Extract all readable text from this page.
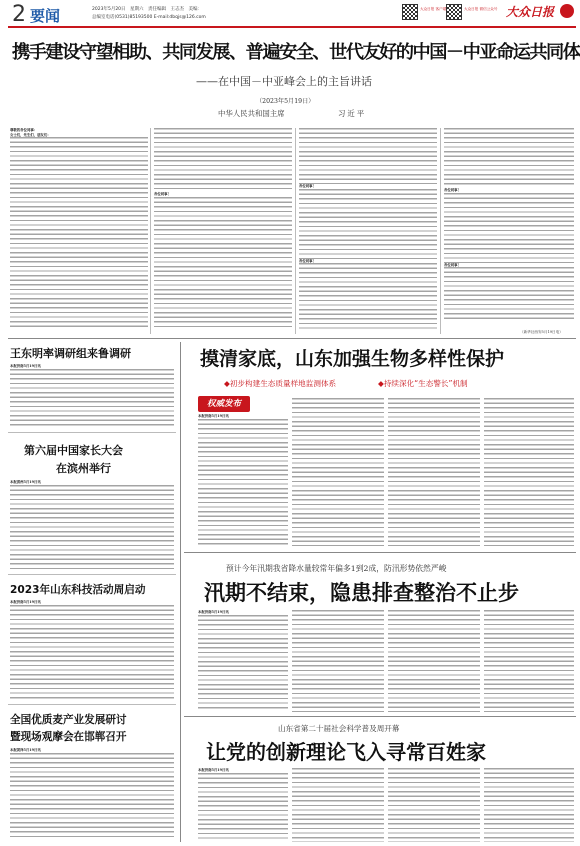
2 要闻	2023年5月20日　星期六　责任编辑　王志杰　美编：
总编室电话(0531)85193500 E-mail:dbqjs@126.com
大众日报 客户端	大众日报 微信公众号 大众日报
携手建设守望相助、共同发展、普遍安全、世代友好的中国－中亚命运共同体
——在中国－中亚峰会上的主旨讲话
（2023年5月19日）
中华人民共和国主席	习近平
尊敬的各位同事：
女士们，先生们，朋友们：
各位同事！
各位同事！
各位同事！
各位同事！
各位同事！
（新华社西安5月19日电）
王东明率调研组来鲁调研
本报济南5月19日讯
第六届中国家长大会
在滨州举行
本报滨州5月19日讯
2023年山东科技活动周启动
本报济南5月19日讯
全国优质麦产业发展研讨
暨现场观摩会在邯郸召开
本报菏泽5月19日讯
摸清家底，山东加强生物多样性保护
◆初步构建生态质量样地监测体系	◆持续深化“生态警长”机制
权威发布
本报济南5月19日讯
预计今年汛期我省降水量较常年偏多1到2成，防汛形势依然严峻
汛期不结束，隐患排查整治不止步
本报济南5月19日讯
山东省第二十届社会科学普及周开幕
让党的创新理论飞入寻常百姓家
本报济南5月19日讯
